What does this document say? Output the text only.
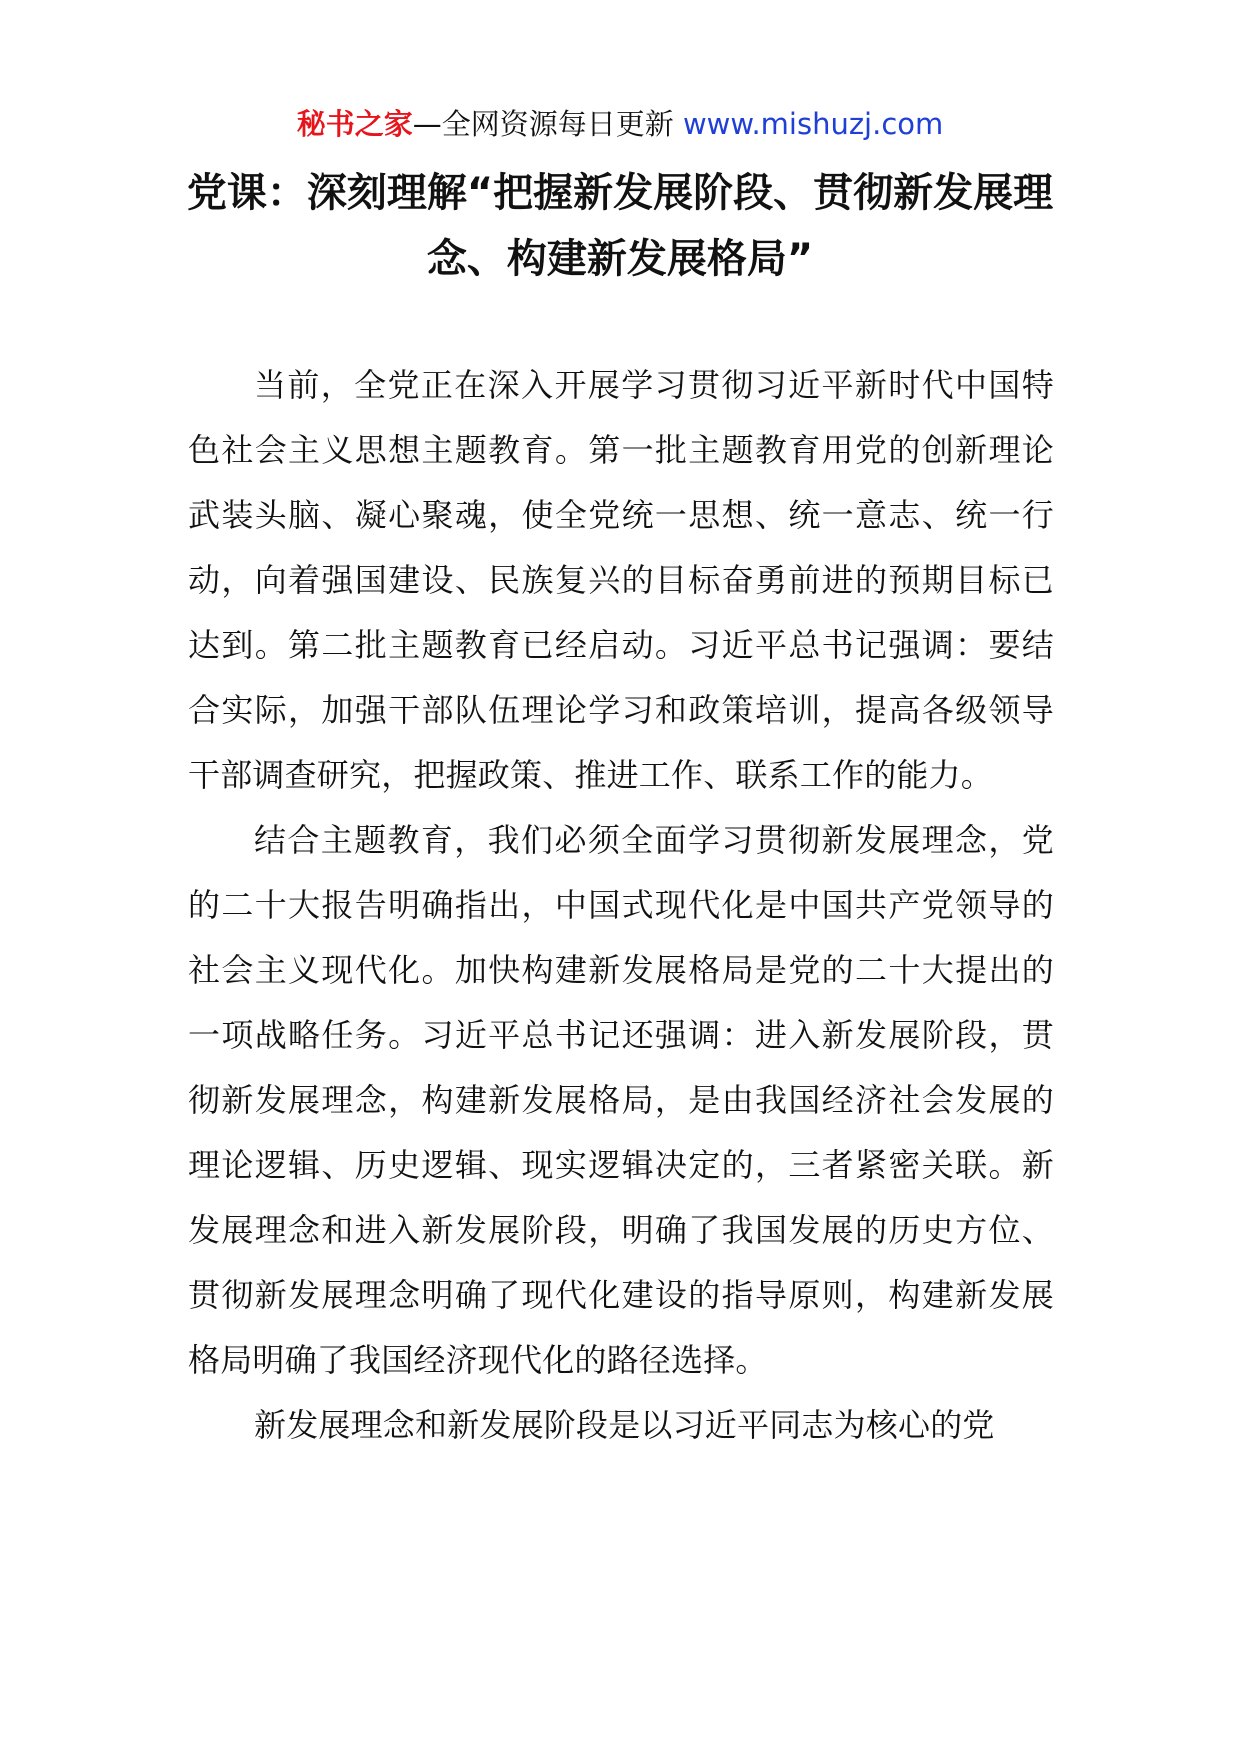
秘书之家—全网资源每日更新 www.mishuzj.com
党课：深刻理解“把握新发展阶段、贯彻新发展理念、构建新发展格局”

当前，全党正在深入开展学习贯彻习近平新时代中国特色社会主义思想主题教育。第一批主题教育用党的创新理论武装头脑、凝心聚魂，使全党统一思想、统一意志、统一行动，向着强国建设、民族复兴的目标奋勇前进的预期目标已达到。第二批主题教育已经启动。习近平总书记强调：要结合实际，加强干部队伍理论学习和政策培训，提高各级领导干部调查研究，把握政策、推进工作、联系工作的能力。

结合主题教育，我们必须全面学习贯彻新发展理念，党的二十大报告明确指出，中国式现代化是中国共产党领导的社会主义现代化。加快构建新发展格局是党的二十大提出的一项战略任务。习近平总书记还强调：进入新发展阶段，贯彻新发展理念，构建新发展格局，是由我国经济社会发展的理论逻辑、历史逻辑、现实逻辑决定的，三者紧密关联。新发展理念和进入新发展阶段，明确了我国发展的历史方位、贯彻新发展理念明确了现代化建设的指导原则，构建新发展格局明确了我国经济现代化的路径选择。

新发展理念和新发展阶段是以习近平同志为核心的党
